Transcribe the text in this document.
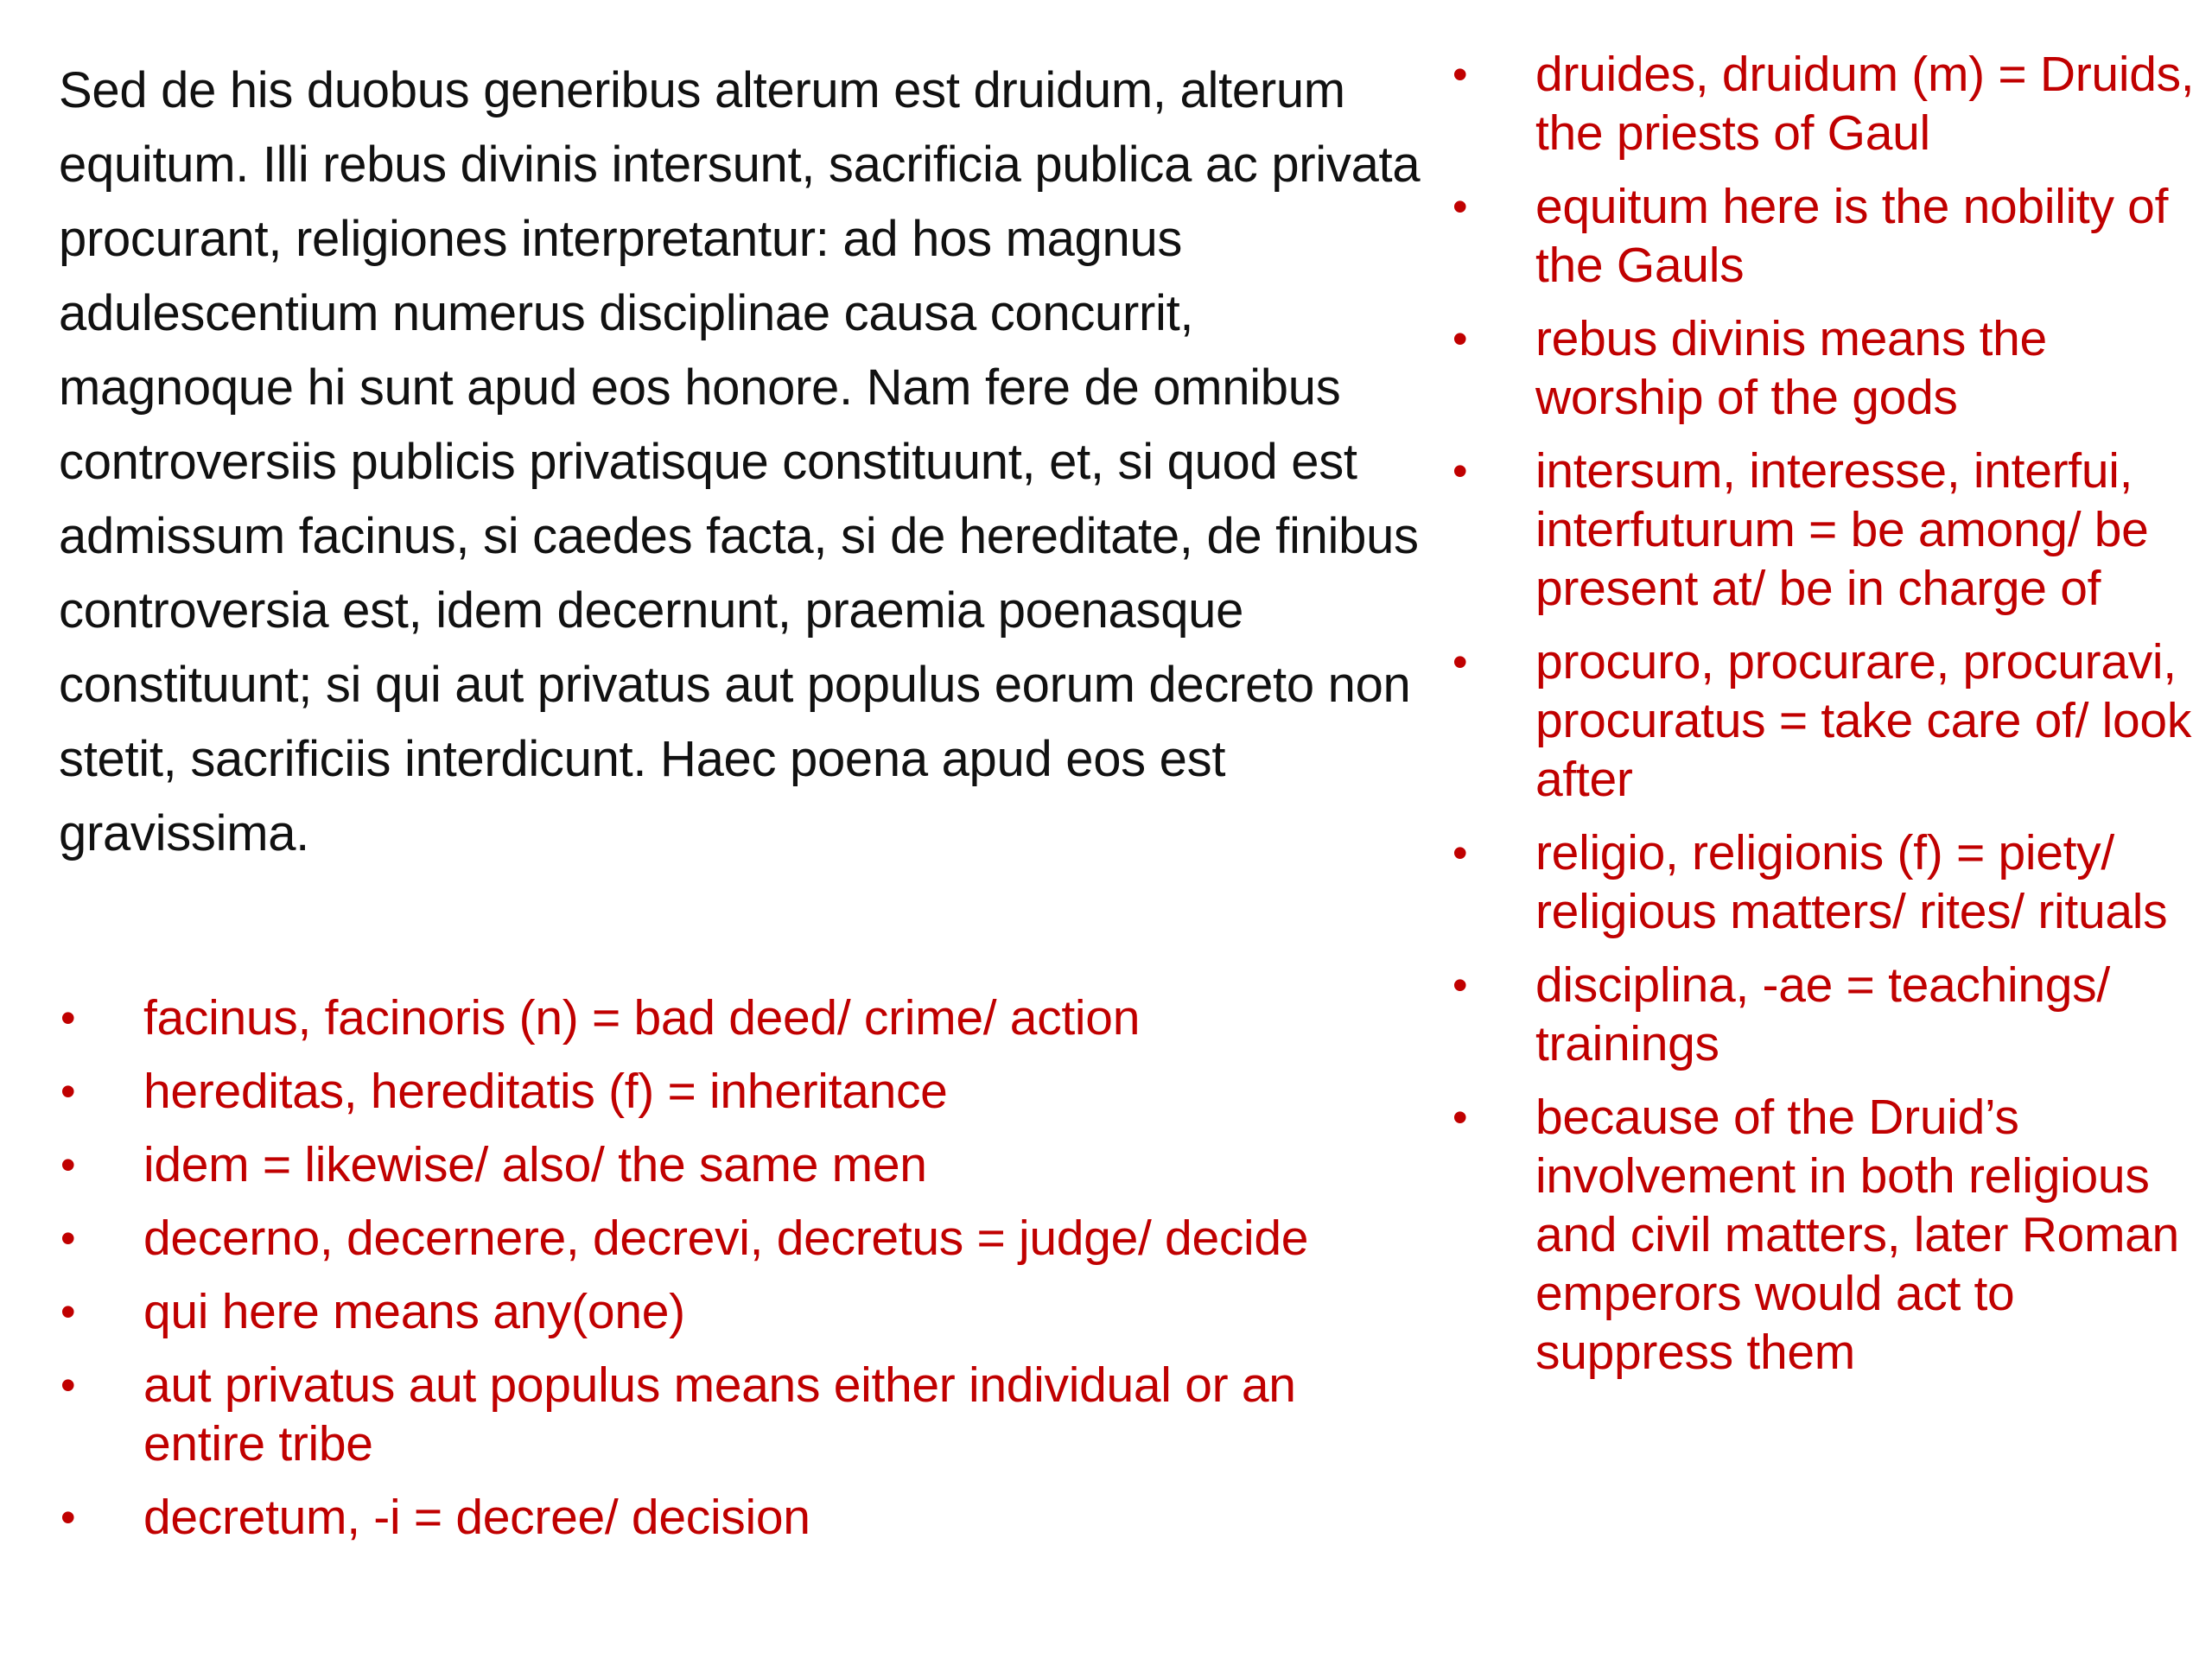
Sed de his duobus generibus alterum est druidum, alterum equitum. Illi rebus divinis intersunt, sacrificia publica ac privata procurant, religiones interpretantur: ad hos magnus adulescentium numerus disciplinae causa concurrit, magnoque hi sunt apud eos honore. Nam fere de omnibus controversiis publicis privatisque constituunt, et, si quod est admissum facinus, si caedes facta, si de hereditate, de finibus controversia est, idem decernunt, praemia poenasque constituunt; si qui aut privatus aut populus eorum decreto non stetit, sacrificiis interdicunt. Haec poena apud eos est gravissima.

• facinus, facinoris (n) = bad deed/ crime/ action
• hereditas, hereditatis (f) = inheritance
• idem = likewise/ also/ the same men
• decerno, decernere, decrevi, decretus = judge/ decide
• qui here means any(one)
• aut privatus aut populus means either individual or an entire tribe
• decretum, -i = decree/ decision
• druides, druidum (m) = Druids, the priests of Gaul
• equitum here is the nobility of the Gauls
• rebus divinis means the worship of the gods
• intersum, interesse, interfui, interfuturum = be among/ be present at/ be in charge of
• procuro, procurare, procuravi, procuratus = take care of/ look after
• religio, religionis (f) = piety/ religious matters/ rites/ rituals
• disciplina, -ae = teachings/ trainings
• because of the Druid’s involvement in both religious and civil matters, later Roman emperors would act to suppress them
